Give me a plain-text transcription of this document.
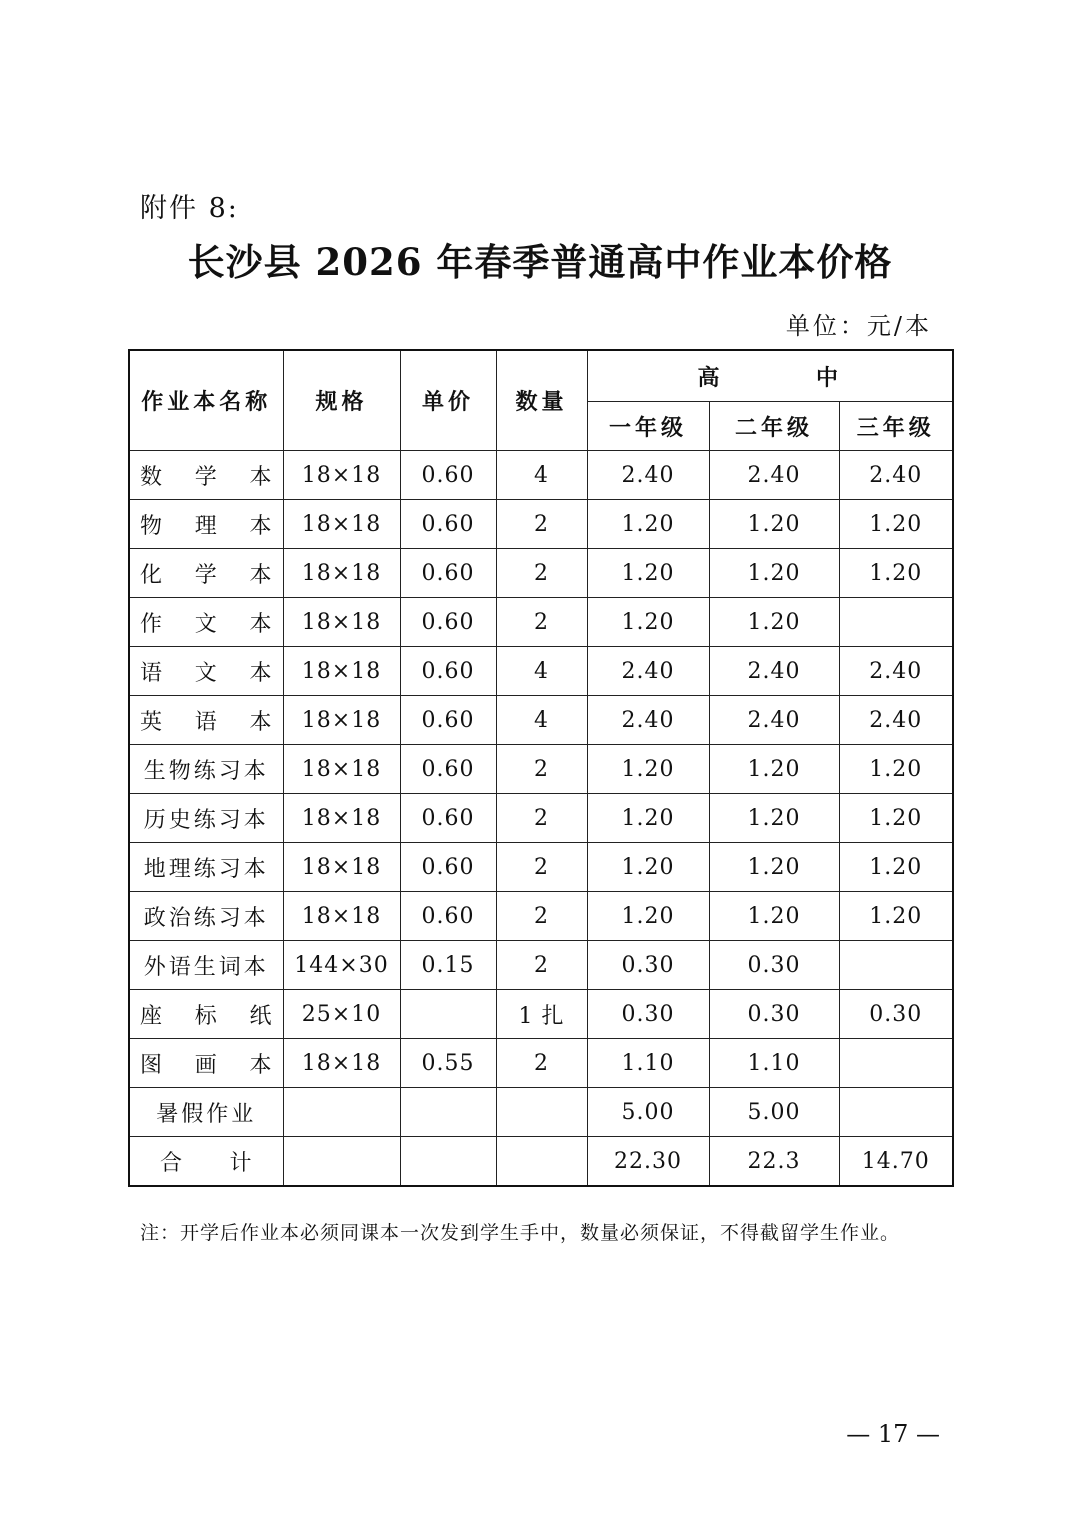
附件 8:
长沙县 2026 年春季普通高中作业本价格
单位：元/本
作业本名称	规格	单价	数量	高 中		

				一年级	二年级	三年级

数 学 本	18×18	0.60	4	2.40	2.40	2.40

物 理 本	18×18	0.60	2	1.20	1.20	1.20

化 学 本	18×18	0.60	2	1.20	1.20	1.20

作 文 本	18×18	0.60	2	1.20	1.20	

语 文 本	18×18	0.60	4	2.40	2.40	2.40

英 语 本	18×18	0.60	4	2.40	2.40	2.40
生物练习本	18×18	0.60	2	1.20	1.20	1.20
历史练习本	18×18	0.60	2	1.20	1.20	1.20
地理练习本	18×18	0.60	2	1.20	1.20	1.20
政治练习本	18×18	0.60	2	1.20	1.20	1.20
外语生词本	144×30	0.15	2	0.30	0.30	

座 标 纸	25×10		1 扎	0.30	0.30	0.30

图 画 本	18×18	0.55	2	1.10	1.10	
暑假作业				5.00	5.00	

合 计				22.30	22.3	14.70
注：开学后作业本必须同课本一次发到学生手中，数量必须保证，不得截留学生作业。
— 17 —
